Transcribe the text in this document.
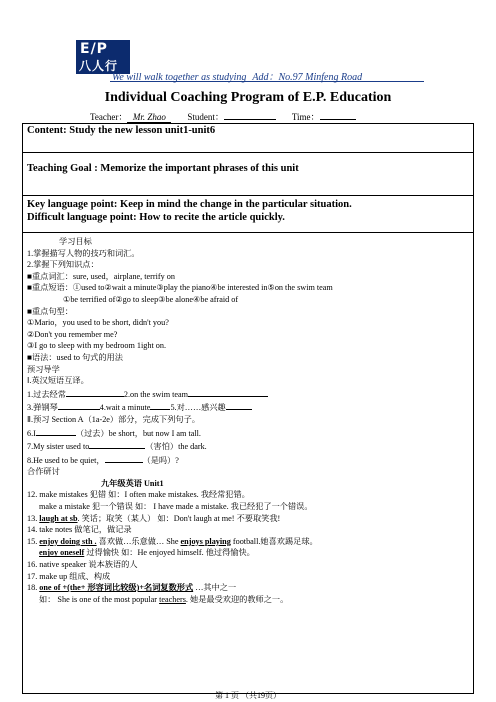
E/P
八人行
We will walk together as studying Add：No.97 Minfeng Road
Individual Coaching Program of E.P. Education
Teacher： Mr. Zhao Student：	Time：
Content: Study the new lesson unit1-unit6
Teaching Goal : Memorize the important phrases of this unit
Key language point: Keep in mind the change in the particular situation.
Difficult language point: How to recite the article quickly.
学习目标
1.掌握描写人物的技巧和词汇。
2.掌握下列知识点：
■重点词汇：sure, used，airplane, terrify on
■重点短语：①used to②wait a minute③play the piano④be interested in⑤on the swim team
①be terrified of②go to sleep③be alone④be afraid of
■重点句型：
①Mario，you used to be short, didn't you?
②Don't you remember me?
③I go to sleep with my bedroom 1ight on.
■语法：used to 句式的用法
预习导学
Ⅰ.英汉短语互译。
1.过去经常	2.on the swim team
3.弹钢琴	4.wait a minute 5.对……感兴趣
Ⅱ.预习 Section A（1a-2e）部分，完成下列句子。
6.I	（过去）be short，but now I am tall.
7.My sister used to	（害怕）the dark.
8.He used to be quiet，	（是吗）?
合作研讨
九年级英语 Unit1
12. make mistakes 犯错 如：I often make mistakes. 我经常犯错。
make a mistake 犯一个错误 如： I have made a mistake. 我已经犯了一个错误。
13. laugh at sb. 笑话；取笑（某人） 如：Don't laugh at me! 不要取笑我!
14. take notes 做笔记，做记录
15. enjoy doing sth . 喜欢做…乐意做… She enjoys playing football.她喜欢踢足球。
enjoy oneself 过得愉快 如：He enjoyed himself. 他过得愉快。
16. native speaker 说本族语的人
17. make up 组成、构成
18. one of +(the+ 形容词比较级)+名词复数形式 …其中之一
如： She is one of the most popular teachers. 她是最受欢迎的教师之一。
第 1 页 （共19页）
